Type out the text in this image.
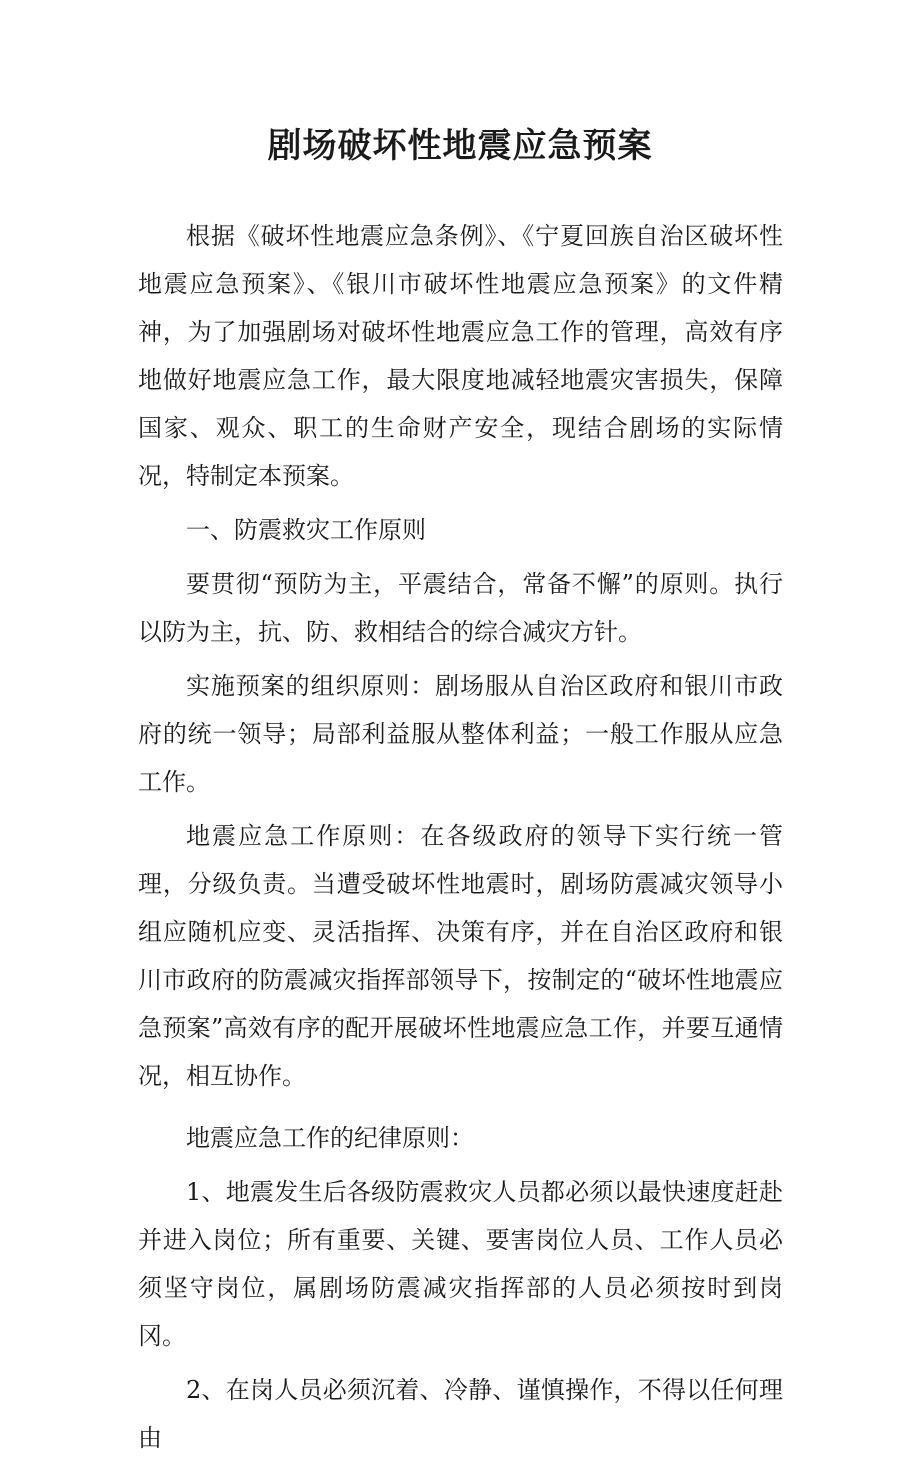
剧场破坏性地震应急预案

根据《破坏性地震应急条例》、《宁夏回族自治区破坏性地震应急预案》、《银川市破坏性地震应急预案》的文件精神，为了加强剧场对破坏性地震应急工作的管理，高效有序地做好地震应急工作，最大限度地减轻地震灾害损失，保障国家、观众、职工的生命财产安全，现结合剧场的实际情况，特制定本预案。

一、防震救灾工作原则

要贯彻“预防为主，平震结合，常备不懈”的原则。执行以防为主，抗、防、救相结合的综合减灾方针。

实施预案的组织原则：剧场服从自治区政府和银川市政府的统一领导；局部利益服从整体利益；一般工作服从应急工作。

地震应急工作原则：在各级政府的领导下实行统一管理，分级负责。当遭受破坏性地震时，剧场防震减灾领导小组应随机应变、灵活指挥、决策有序，并在自治区政府和银川市政府的防震减灾指挥部领导下，按制定的“破坏性地震应急预案”高效有序的配开展破坏性地震应急工作，并要互通情况，相互协作。

地震应急工作的纪律原则：

1、地震发生后各级防震救灾人员都必须以最快速度赶赴并进入岗位；所有重要、关键、要害岗位人员、工作人员必须坚守岗位，属剧场防震减灾指挥部的人员必须按时到岗冈。

2、在岗人员必须沉着、冷静、谨慎操作，不得以任何理由
